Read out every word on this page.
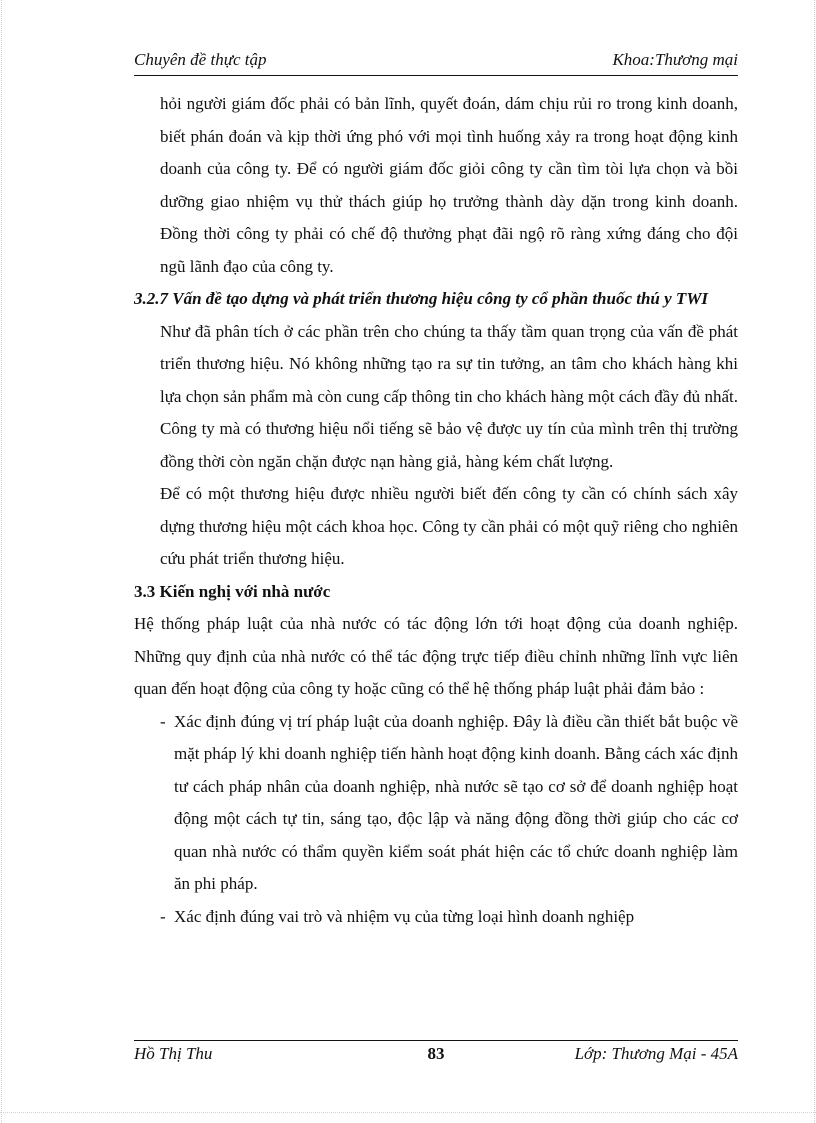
Chuyên đề thực tập	Khoa:Thương mại

hỏi người giám đốc phải có bản lĩnh, quyết đoán, dám chịu rủi ro trong kinh doanh, biết phán đoán và kịp thời ứng phó với mọi tình huống xảy ra trong hoạt động kinh doanh của công ty. Để có người giám đốc giỏi công ty cần tìm tòi lựa chọn và bồi dưỡng giao nhiệm vụ thử thách giúp họ trưởng thành dày dặn trong kinh doanh. Đồng thời công ty phải có chế độ thưởng phạt đãi ngộ rõ ràng xứng đáng cho đội ngũ lãnh đạo của công ty.

3.2.7 Vấn đề tạo dựng và phát triển thương hiệu công ty cổ phần thuốc thú y TWI

Như đã phân tích ở các phần trên cho chúng ta thấy tầm quan trọng của vấn đề phát triển thương hiệu. Nó không những tạo ra sự tin tưởng, an tâm cho khách hàng khi lựa chọn sản phẩm mà còn cung cấp thông tin cho khách hàng một cách đầy đủ nhất. Công ty mà có thương hiệu nổi tiếng sẽ bảo vệ được uy tín của mình trên thị trường đồng thời còn ngăn chặn được nạn hàng giả, hàng kém chất lượng.

Để có một thương hiệu được nhiều người biết đến công ty cần có chính sách xây dựng thương hiệu một cách khoa học. Công ty cần phải có một quỹ riêng cho nghiên cứu phát triển thương hiệu.

3.3 Kiến nghị với nhà nước

Hệ thống pháp luật của nhà nước có tác động lớn tới hoạt động của doanh nghiệp. Những quy định của nhà nước có thể tác động trực tiếp điều chỉnh những lĩnh vực liên quan đến hoạt động của công ty hoặc cũng có thể hệ thống pháp luật phải đảm bảo :

- Xác định đúng vị trí pháp luật của doanh nghiệp. Đây là điều cần thiết bắt buộc về mặt pháp lý khi doanh nghiệp tiến hành hoạt động kinh doanh. Bằng cách xác định tư cách pháp nhân của doanh nghiệp, nhà nước sẽ tạo cơ sở để doanh nghiệp hoạt động một cách tự tin, sáng tạo, độc lập và năng động đồng thời giúp cho các cơ quan nhà nước có thẩm quyền kiểm soát phát hiện các tổ chức doanh nghiệp làm ăn phi pháp.

- Xác định đúng vai trò và nhiệm vụ của từng loại hình doanh nghiệp

Hồ Thị Thu	83	Lớp: Thương Mại - 45A
